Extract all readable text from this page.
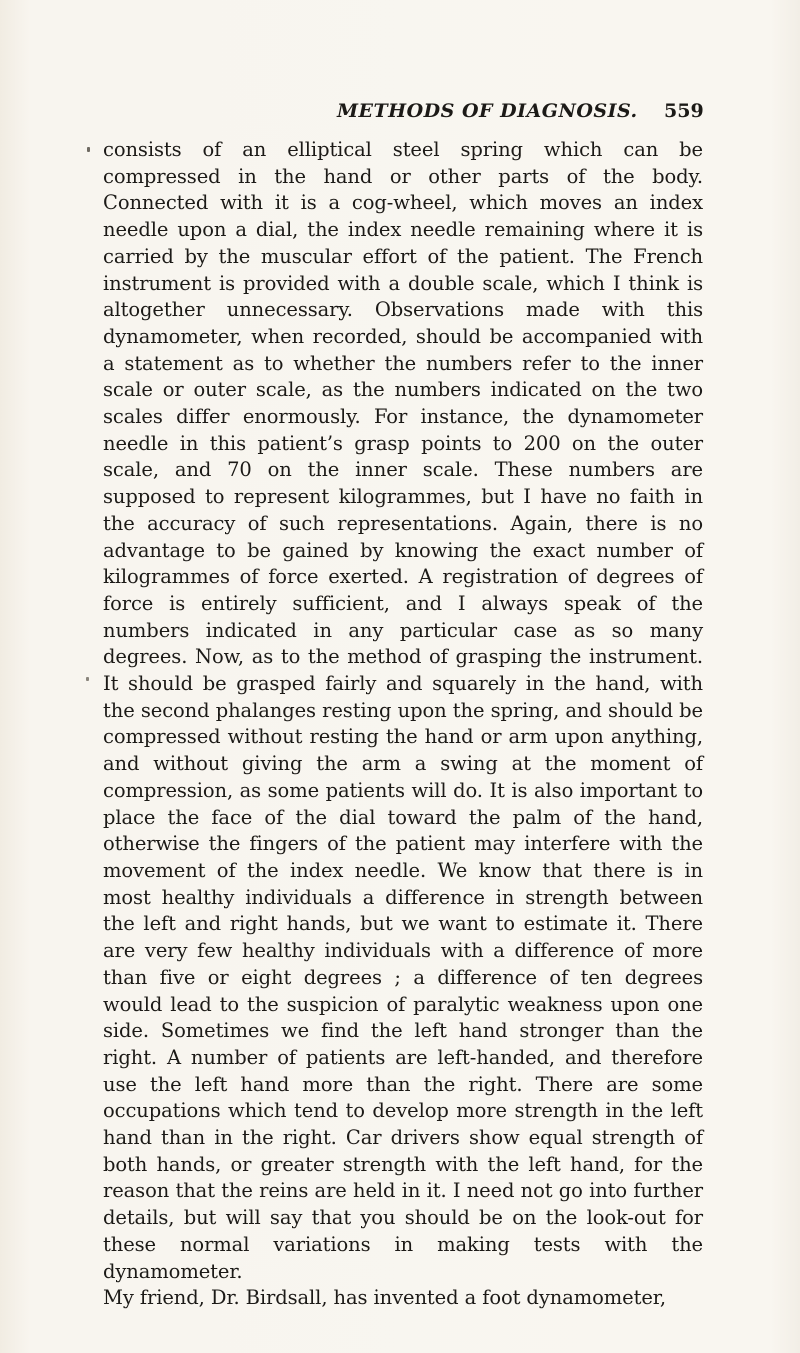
METHODS OF DIAGNOSIS. 559

consists of an elliptical steel spring which can be compressed in the hand or other parts of the body. Connected with it is a cog-wheel, which moves an index needle upon a dial, the index needle remaining where it is carried by the muscular effort of the patient. The French instrument is provided with a double scale, which I think is altogether unnecessary. Observations made with this dynamometer, when recorded, should be accompanied with a statement as to whether the numbers refer to the inner scale or outer scale, as the numbers indicated on the two scales differ enormously. For instance, the dynamometer needle in this patient’s grasp points to 200 on the outer scale, and 70 on the inner scale. These numbers are supposed to represent kilogrammes, but I have no faith in the accuracy of such representations. Again, there is no advantage to be gained by knowing the exact number of kilogrammes of force exerted. A registration of degrees of force is entirely sufficient, and I always speak of the numbers indicated in any particular case as so many degrees. Now, as to the method of grasping the instrument. It should be grasped fairly and squarely in the hand, with the second phalanges resting upon the spring, and should be compressed without resting the hand or arm upon anything, and without giving the arm a swing at the moment of compression, as some patients will do. It is also important to place the face of the dial toward the palm of the hand, otherwise the fingers of the patient may interfere with the movement of the index needle. We know that there is in most healthy individuals a difference in strength between the left and right hands, but we want to estimate it. There are very few healthy individuals with a difference of more than five or eight degrees ; a difference of ten degrees would lead to the suspicion of paralytic weakness upon one side. Sometimes we find the left hand stronger than the right. A number of patients are left-handed, and therefore use the left hand more than the right. There are some occupations which tend to develop more strength in the left hand than in the right. Car drivers show equal strength of both hands, or greater strength with the left hand, for the reason that the reins are held in it. I need not go into further details, but will say that you should be on the look-out for these normal variations in making tests with the dynamometer.

My friend, Dr. Birdsall, has invented a foot dynamometer,
